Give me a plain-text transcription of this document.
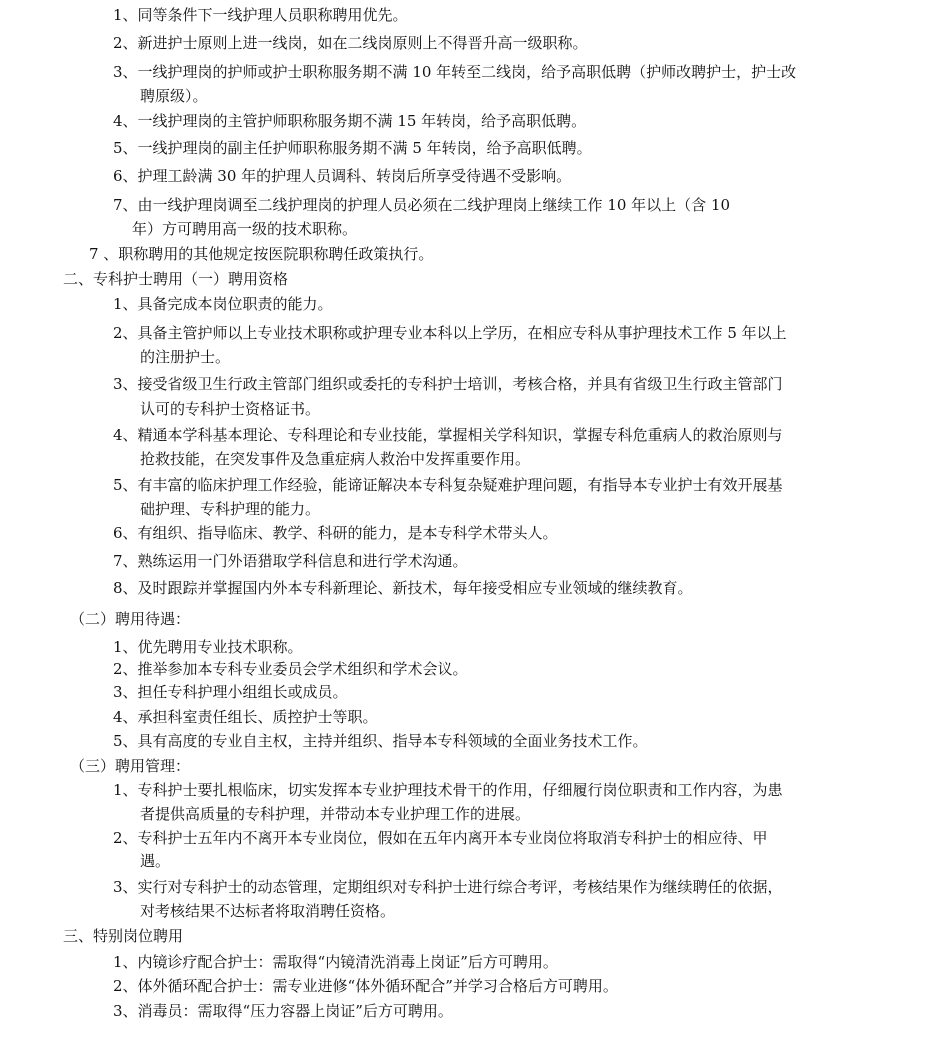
1、同等条件下一线护理人员职称聘用优先。
2、新进护士原则上进一线岗，如在二线岗原则上不得晋升高一级职称。
3、一线护理岗的护师或护士职称服务期不满 10 年转至二线岗，给予高职低聘（护师改聘护士，护士改
聘原级）。
4、一线护理岗的主管护师职称服务期不满 15 年转岗，给予高职低聘。
5、一线护理岗的副主任护师职称服务期不满 5 年转岗，给予高职低聘。
6、护理工龄满 30 年的护理人员调科、转岗后所享受待遇不受影响。
7、由一线护理岗调至二线护理岗的护理人员必须在二线护理岗上继续工作 10 年以上（含 10
年）方可聘用高一级的技术职称。
7 、职称聘用的其他规定按医院职称聘任政策执行。
二、专科护士聘用（一）聘用资格
1、具备完成本岗位职责的能力。
2、具备主管护师以上专业技术职称或护理专业本科以上学历，在相应专科从事护理技术工作 5 年以上
的注册护士。
3、接受省级卫生行政主管部门组织或委托的专科护士培训，考核合格，并具有省级卫生行政主管部门
认可的专科护士资格证书。
4、精通本学科基本理论、专科理论和专业技能，掌握相关学科知识，掌握专科危重病人的救治原则与
抢救技能，在突发事件及急重症病人救治中发挥重要作用。
5、有丰富的临床护理工作经验，能谛证解决本专科复杂疑难护理问题，有指导本专业护士有效开展基
础护理、专科护理的能力。
6、有组织、指导临床、教学、科研的能力，是本专科学术带头人。
7、熟练运用一门外语猎取学科信息和进行学术沟通。
8、及时跟踪并掌握国内外本专科新理论、新技术，每年接受相应专业领域的继续教育。
（二）聘用待遇：
1、优先聘用专业技术职称。
2、推举参加本专科专业委员会学术组织和学术会议。
3、担任专科护理小组组长或成员。
4、承担科室责任组长、质控护士等职。
5、具有高度的专业自主权，主持并组织、指导本专科领域的全面业务技术工作。
（三）聘用管理：
1、专科护士要扎根临床，切实发挥本专业护理技术骨干的作用，仔细履行岗位职责和工作内容，为患
者提供高质量的专科护理，并带动本专业护理工作的进展。
2、专科护士五年内不离开本专业岗位，假如在五年内离开本专业岗位将取消专科护士的相应待、甲
遇。
3、实行对专科护士的动态管理，定期组织对专科护士进行综合考评，考核结果作为继续聘任的依据，
对考核结果不达标者将取消聘任资格。
三、特别岗位聘用
1、内镜诊疗配合护士：需取得“内镜清洗消毒上岗证”后方可聘用。
2、体外循环配合护士：需专业进修“体外循环配合”并学习合格后方可聘用。
3、消毒员：需取得“压力容器上岗证”后方可聘用。
